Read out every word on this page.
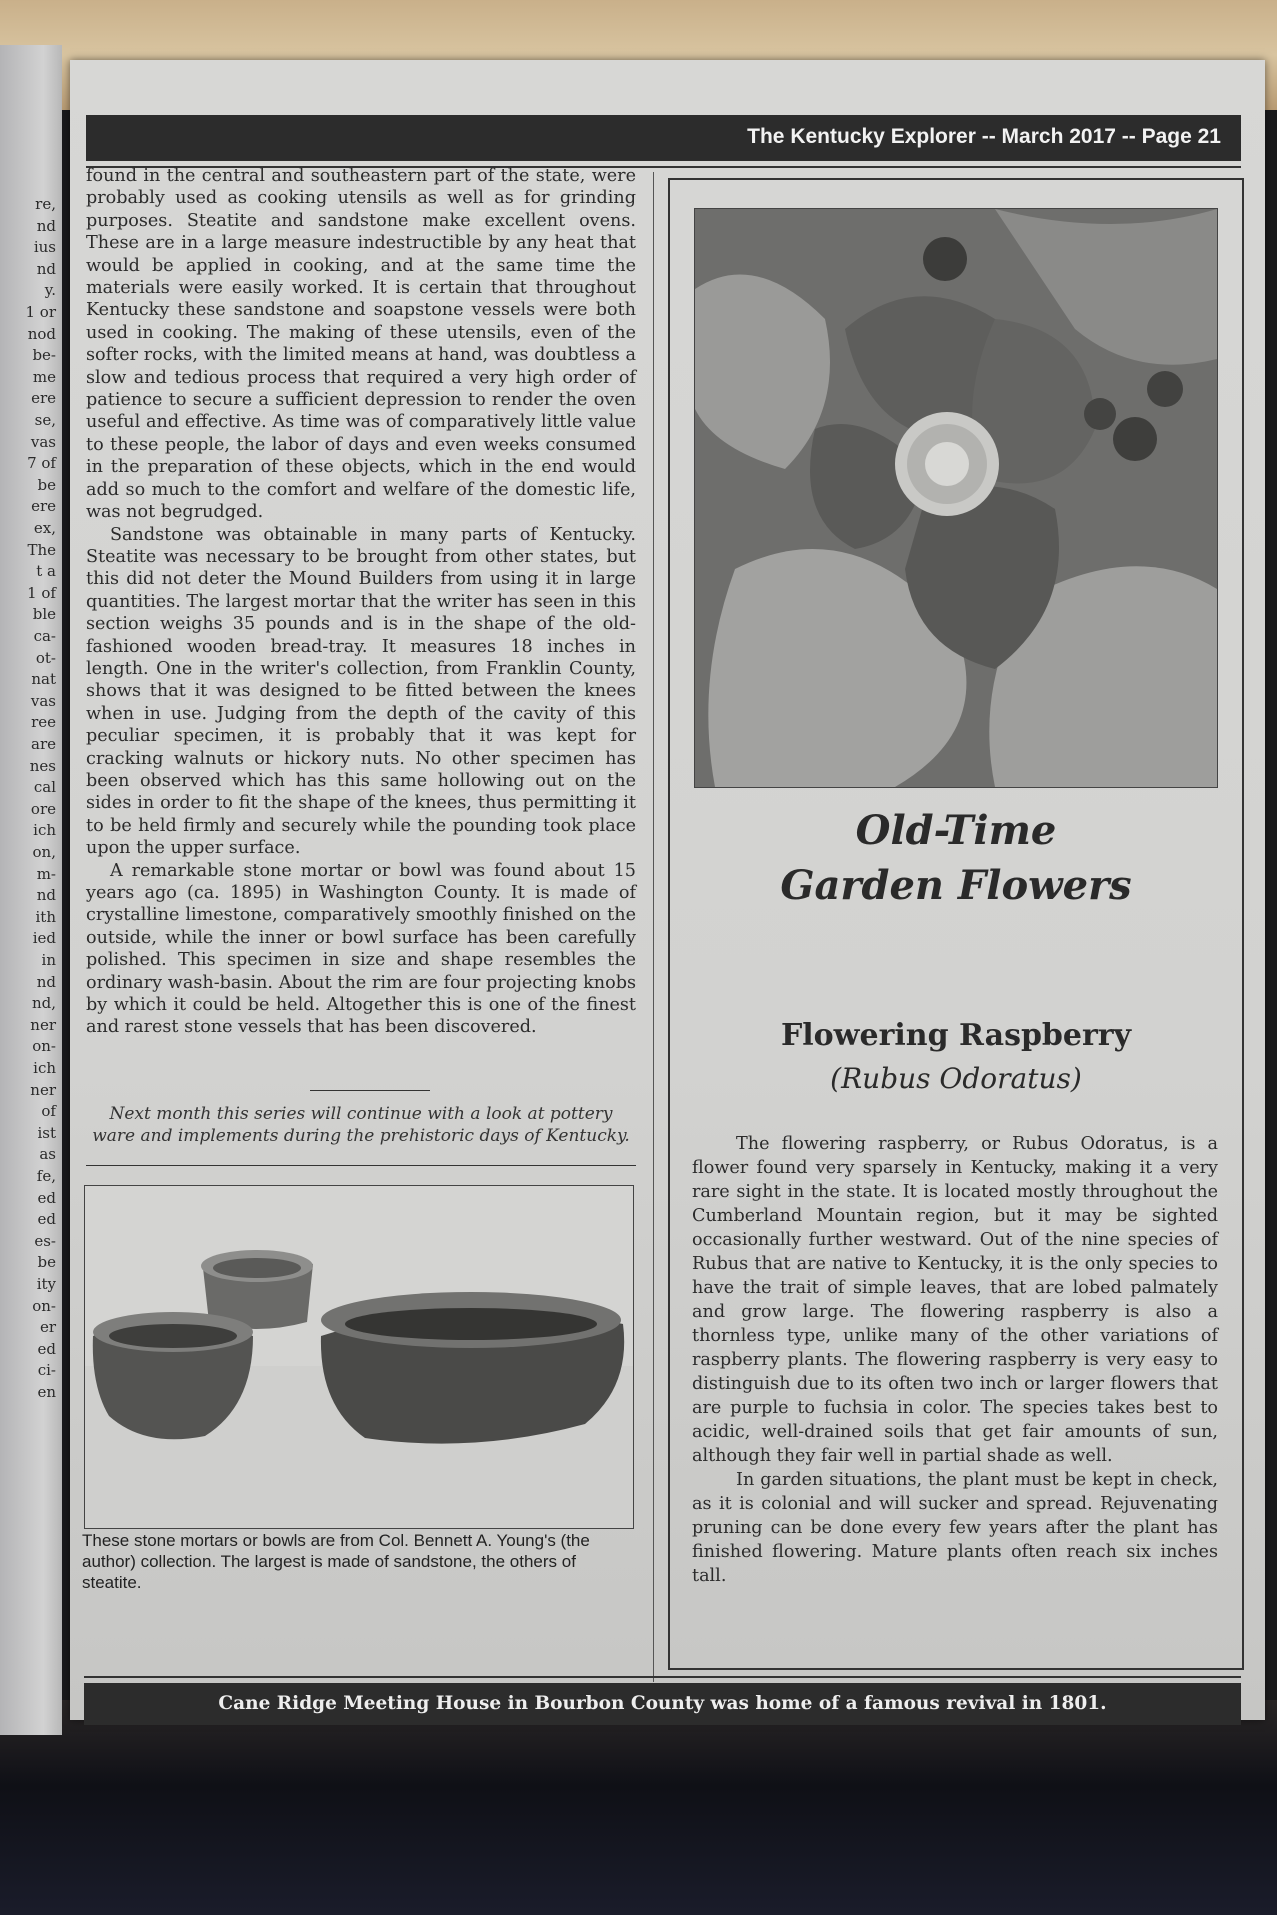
re,
nd
ius
nd
y.
1 or
nod
be-
me
ere
se,
vas
7 of
be
ere
ex,
The
t a
1 of
ble
ca-
ot-
nat
vas
ree
are
nes
cal
ore
ich
on,
m-
nd
ith
ied
in
nd
nd,
ner
on-
ich
ner
of
ist
as
fe,
ed
ed
es-
be
ity
on-
er
ed
ci-
en
The Kentucky Explorer -- March 2017 -- Page 21

found in the central and southeastern part of the state, were probably used as cooking utensils as well as for grinding purposes. Steatite and sandstone make excellent ovens. These are in a large measure indestructible by any heat that would be applied in cooking, and at the same time the materials were easily worked. It is certain that throughout Kentucky these sandstone and soapstone vessels were both used in cooking. The making of these utensils, even of the softer rocks, with the limited means at hand, was doubtless a slow and tedious process that required a very high order of patience to secure a sufficient depression to render the oven useful and effective. As time was of comparatively little value to these people, the labor of days and even weeks consumed in the preparation of these objects, which in the end would add so much to the comfort and welfare of the domestic life, was not begrudged.

Sandstone was obtainable in many parts of Kentucky. Steatite was necessary to be brought from other states, but this did not deter the Mound Builders from using it in large quantities. The largest mortar that the writer has seen in this section weighs 35 pounds and is in the shape of the old-fashioned wooden bread-tray. It measures 18 inches in length. One in the writer's collection, from Franklin County, shows that it was designed to be fitted between the knees when in use. Judging from the depth of the cavity of this peculiar specimen, it is probably that it was kept for cracking walnuts or hickory nuts. No other specimen has been observed which has this same hollowing out on the sides in order to fit the shape of the knees, thus permitting it to be held firmly and securely while the pounding took place upon the upper surface.

A remarkable stone mortar or bowl was found about 15 years ago (ca. 1895) in Washington County. It is made of crystalline limestone, comparatively smoothly finished on the outside, while the inner or bowl surface has been carefully polished. This specimen in size and shape resembles the ordinary wash-basin. About the rim are four projecting knobs by which it could be held. Altogether this is one of the finest and rarest stone vessels that has been discovered.

Next month this series will continue with a look at pottery ware and implements during the prehistoric days of Kentucky.
These stone mortars or bowls are from Col. Bennett A. Young's (the author) collection. The largest is made of sandstone, the others of steatite.
Old-Time
Garden Flowers
Flowering Raspberry
(Rubus Odoratus)

The flowering raspberry, or Rubus Odoratus, is a flower found very sparsely in Kentucky, making it a very rare sight in the state. It is located mostly throughout the Cumberland Mountain region, but it may be sighted occasionally further westward. Out of the nine species of Rubus that are native to Kentucky, it is the only species to have the trait of simple leaves, that are lobed palmately and grow large. The flowering raspberry is also a thornless type, unlike many of the other variations of raspberry plants. The flowering raspberry is very easy to distinguish due to its often two inch or larger flowers that are purple to fuchsia in color. The species takes best to acidic, well-drained soils that get fair amounts of sun, although they fair well in partial shade as well.

In garden situations, the plant must be kept in check, as it is colonial and will sucker and spread. Rejuvenating pruning can be done every few years after the plant has finished flowering. Mature plants often reach six inches tall.

Cane Ridge Meeting House in Bourbon County was home of a famous revival in 1801.
